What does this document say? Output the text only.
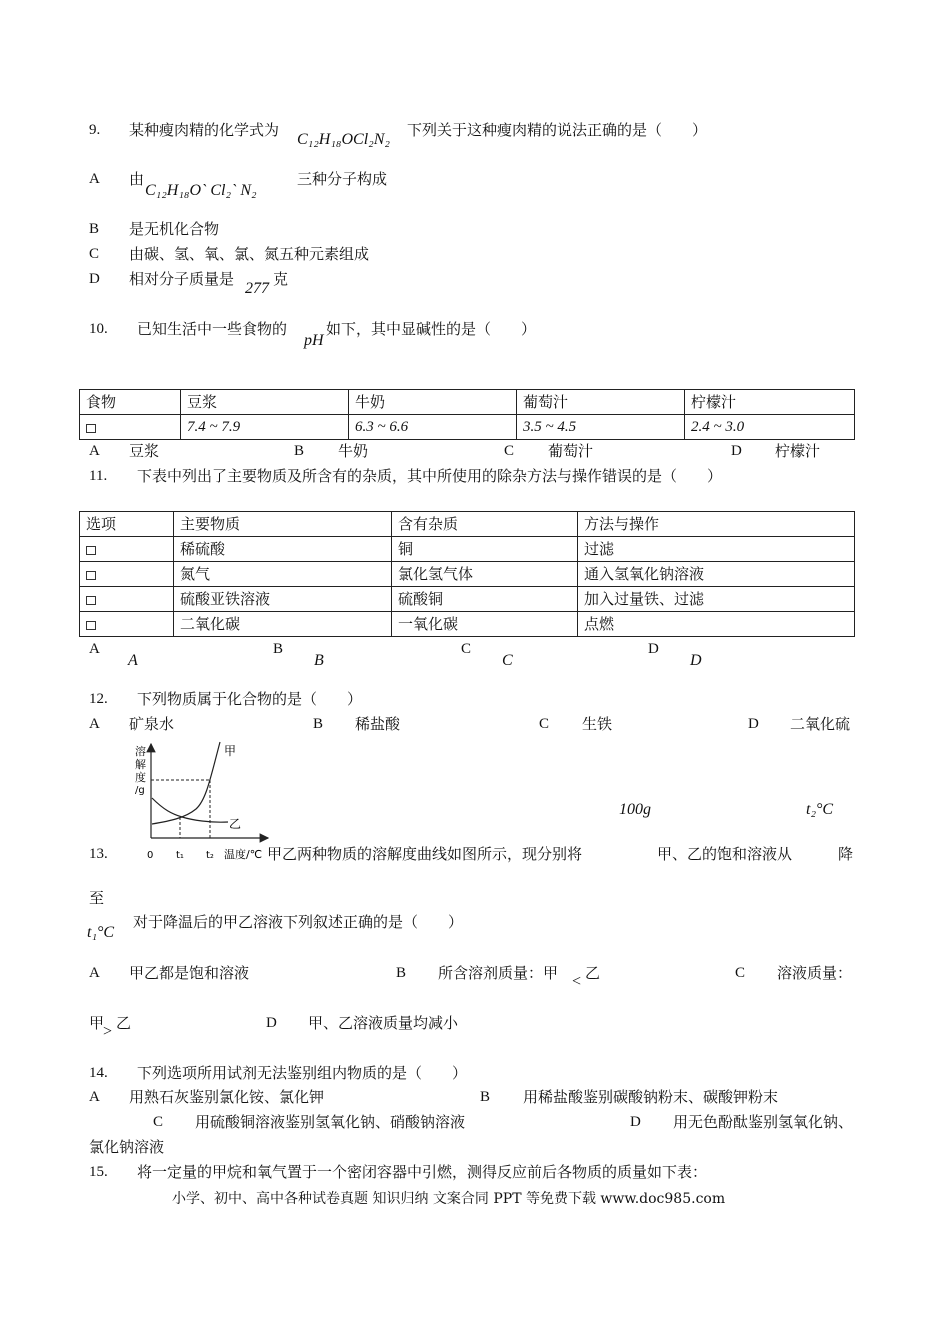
9. 某种瘦肉精的化学式为
C₁₂H₁₈OCl₂N₂
下列关于这种瘦肉精的说法正确的是（　　）
A 由
C₁₂H₁₈O` Cl₂` N₂
三种分子构成
B 是无机化合物
C 由碳、氢、氧、氯、氮五种元素组成
D 相对分子质量是
277
克
10. 已知生活中一些食物的
pH
如下，其中显碱性的是（　　）
食物	豆浆	牛奶	葡萄汁	柠檬汁
	7.4 ~ 7.9	6.3 ~ 6.6	3.5 ~ 4.5	2.4 ~ 3.0
A 豆浆	B 牛奶	C 葡萄汁	D 柠檬汁
11. 下表中列出了主要物质及所含有的杂质，其中所使用的除杂方法与操作错误的是（　　）
选项	主要物质	含有杂质	方法与操作
	稀硫酸	铜	过滤
	氮气	氯化氢气体	通入氢氧化钠溶液
	硫酸亚铁溶液	硫酸铜	加入过量铁、过滤
	二氧化碳	一氧化碳	点燃
A
A
B
B
C
C
D
D
12. 下列物质属于化合物的是（　　）
A 矿泉水	B 稀盐酸	C 生铁	D 二氧化硫
溶
解
度
/g
甲
乙
0 t₁ t₂ 温度/℃
100g	t₂°C
13.	甲乙两种物质的溶解度曲线如图所示，现分别将	甲、乙的饱和溶液从	降
至
t₁°C
对于降温后的甲乙溶液下列叙述正确的是（　　）
A 甲乙都是饱和溶液	B 所含溶剂质量：甲 < 乙	C 溶液质量：
甲
> 乙	D 甲、乙溶液质量均减小
14. 下列选项所用试剂无法鉴别组内物质的是（　　）
A 用熟石灰鉴别氯化铵、氯化钾	B 用稀盐酸鉴别碳酸钠粉末、碳酸钾粉末
C 用硫酸铜溶液鉴别氢氧化钠、硝酸钠溶液	D 用无色酚酞鉴别氢氧化钠、
氯化钠溶液
15. 将一定量的甲烷和氧气置于一个密闭容器中引燃，测得反应前后各物质的质量如下表：
小学、初中、高中各种试卷真题 知识归纳 文案合同 PPT 等免费下载 www.doc985.com
